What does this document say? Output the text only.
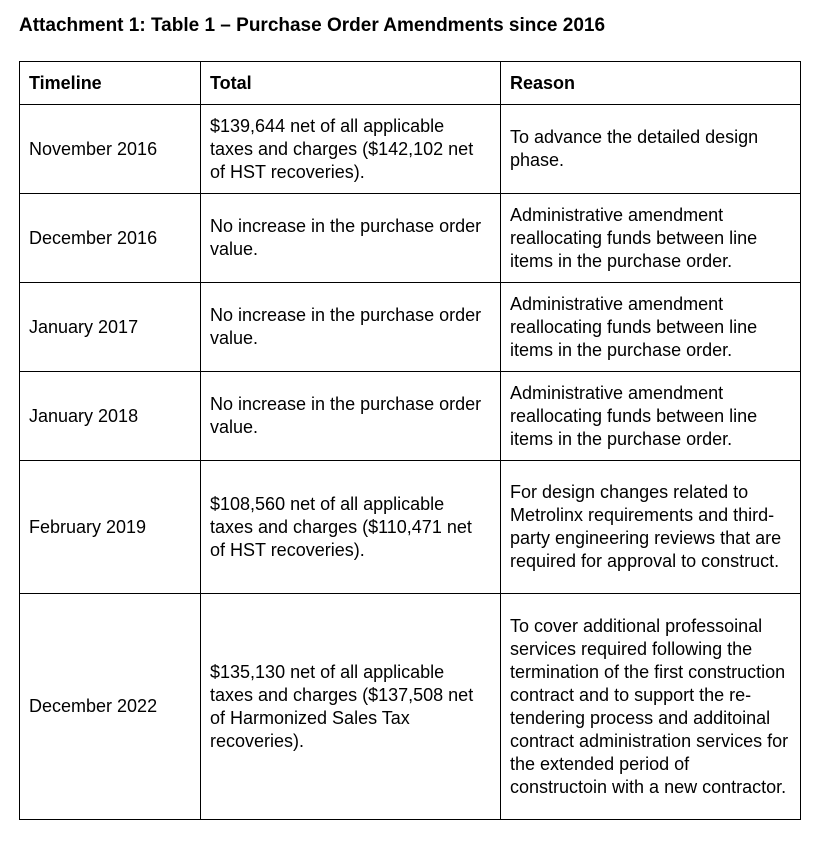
Attachment 1: Table 1 – Purchase Order Amendments since 2016
Timeline	Total	Reason
November 2016	$139,644 net of all applicable taxes and charges ($142,102 net of HST recoveries).	To advance the detailed design phase.
December 2016	No increase in the purchase order value.	Administrative amendment reallocating funds between line items in the purchase order.
January 2017	No increase in the purchase order value.	Administrative amendment reallocating funds between line items in the purchase order.
January 2018	No increase in the purchase order value.	Administrative amendment reallocating funds between line items in the purchase order.
February 2019	$108,560 net of all applicable taxes and charges ($110,471 net of HST recoveries).	For design changes related to Metrolinx requirements and third-party engineering reviews that are required for approval to construct.
December 2022	$135,130 net of all applicable taxes and charges ($137,508 net of Harmonized Sales Tax recoveries).	To cover additional professoinal services required following the termination of the first construction contract and to support the re-tendering process and additoinal contract administration services for the extended period of constructoin with a new contractor.
